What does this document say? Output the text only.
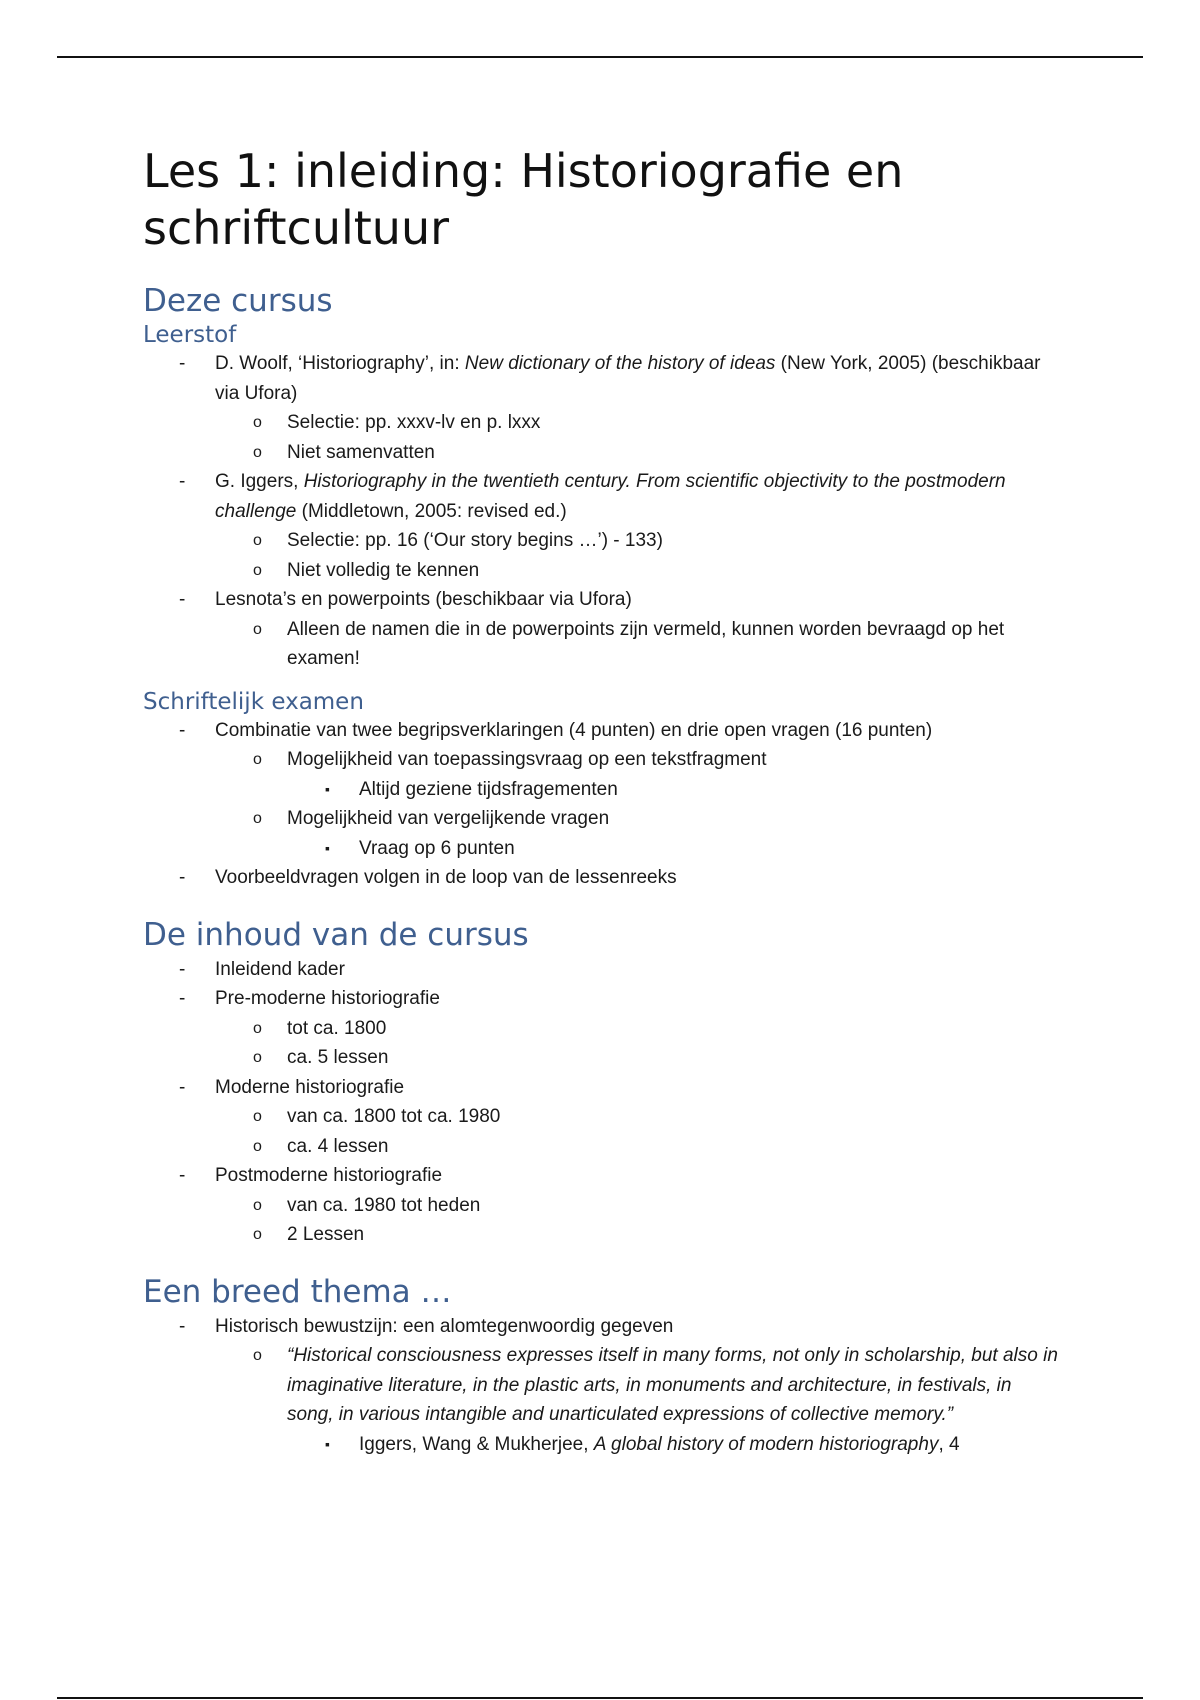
Les 1: inleiding: Historiografie en schriftcultuur
Deze cursus
Leerstof
- D. Woolf, ‘Historiography’, in: New dictionary of the history of ideas (New York, 2005) (beschikbaar via Ufora)
o Selectie: pp. xxxv-lv en p. lxxx
o Niet samenvatten
- G. Iggers, Historiography in the twentieth century. From scientific objectivity to the postmodern challenge (Middletown, 2005: revised ed.)
o Selectie: pp. 16 (‘Our story begins …’) - 133)
o Niet volledig te kennen
- Lesnota’s en powerpoints (beschikbaar via Ufora)
o Alleen de namen die in de powerpoints zijn vermeld, kunnen worden bevraagd op het examen!
Schriftelijk examen
- Combinatie van twee begripsverklaringen (4 punten) en drie open vragen (16 punten)
o Mogelijkheid van toepassingsvraag op een tekstfragment
▪ Altijd geziene tijdsfragementen
o Mogelijkheid van vergelijkende vragen
▪ Vraag op 6 punten
- Voorbeeldvragen volgen in de loop van de lessenreeks
De inhoud van de cursus
- Inleidend kader
- Pre-moderne historiografie
o tot ca. 1800
o ca. 5 lessen
- Moderne historiografie
o van ca. 1800 tot ca. 1980
o ca. 4 lessen
- Postmoderne historiografie
o van ca. 1980 tot heden
o 2 Lessen
Een breed thema …
- Historisch bewustzijn: een alomtegenwoordig gegeven
o “Historical consciousness expresses itself in many forms, not only in scholarship, but also in imaginative literature, in the plastic arts, in monuments and architecture, in festivals, in song, in various intangible and unarticulated expressions of collective memory.”
▪ Iggers, Wang & Mukherjee, A global history of modern historiography, 4
